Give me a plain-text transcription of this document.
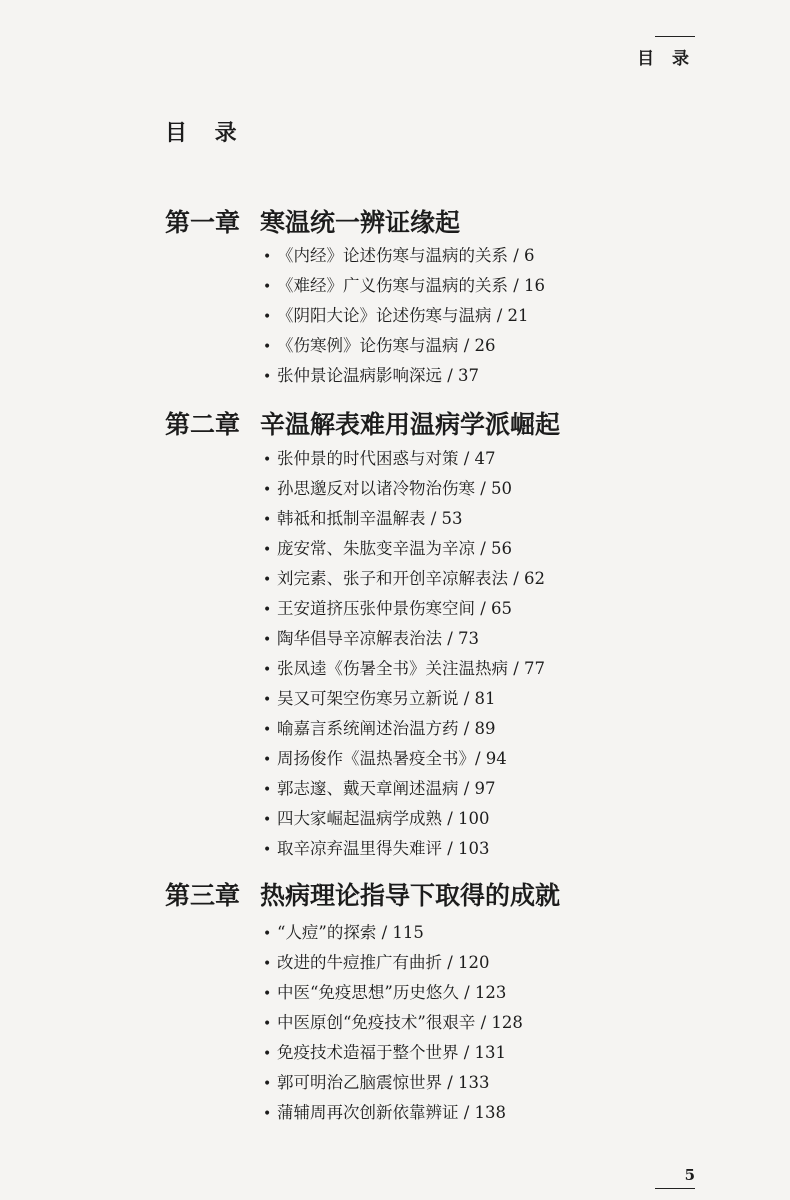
目 录
目 录
第一章 寒温统一辨证缘起
• 《内经》论述伤寒与温病的关系 / 6
• 《难经》广义伤寒与温病的关系 / 16
• 《阴阳大论》论述伤寒与温病 / 21
• 《伤寒例》论伤寒与温病 / 26
• 张仲景论温病影响深远 / 37
第二章 辛温解表难用温病学派崛起
• 张仲景的时代困惑与对策 / 47
• 孙思邈反对以诸冷物治伤寒 / 50
• 韩祗和抵制辛温解表 / 53
• 庞安常、朱肱变辛温为辛凉 / 56
• 刘完素、张子和开创辛凉解表法 / 62
• 王安道挤压张仲景伤寒空间 / 65
• 陶华倡导辛凉解表治法 / 73
• 张凤逵《伤暑全书》关注温热病 / 77
• 吴又可架空伤寒另立新说 / 81
• 喻嘉言系统阐述治温方药 / 89
• 周扬俊作《温热暑疫全书》/ 94
• 郭志邃、戴天章阐述温病 / 97
• 四大家崛起温病学成熟 / 100
• 取辛凉弃温里得失难评 / 103
第三章 热病理论指导下取得的成就
• “人痘”的探索 / 115
• 改进的牛痘推广有曲折 / 120
• 中医“免疫思想”历史悠久 / 123
• 中医原创“免疫技术”很艰辛 / 128
• 免疫技术造福于整个世界 / 131
• 郭可明治乙脑震惊世界 / 133
• 蒲辅周再次创新依靠辨证 / 138
5
